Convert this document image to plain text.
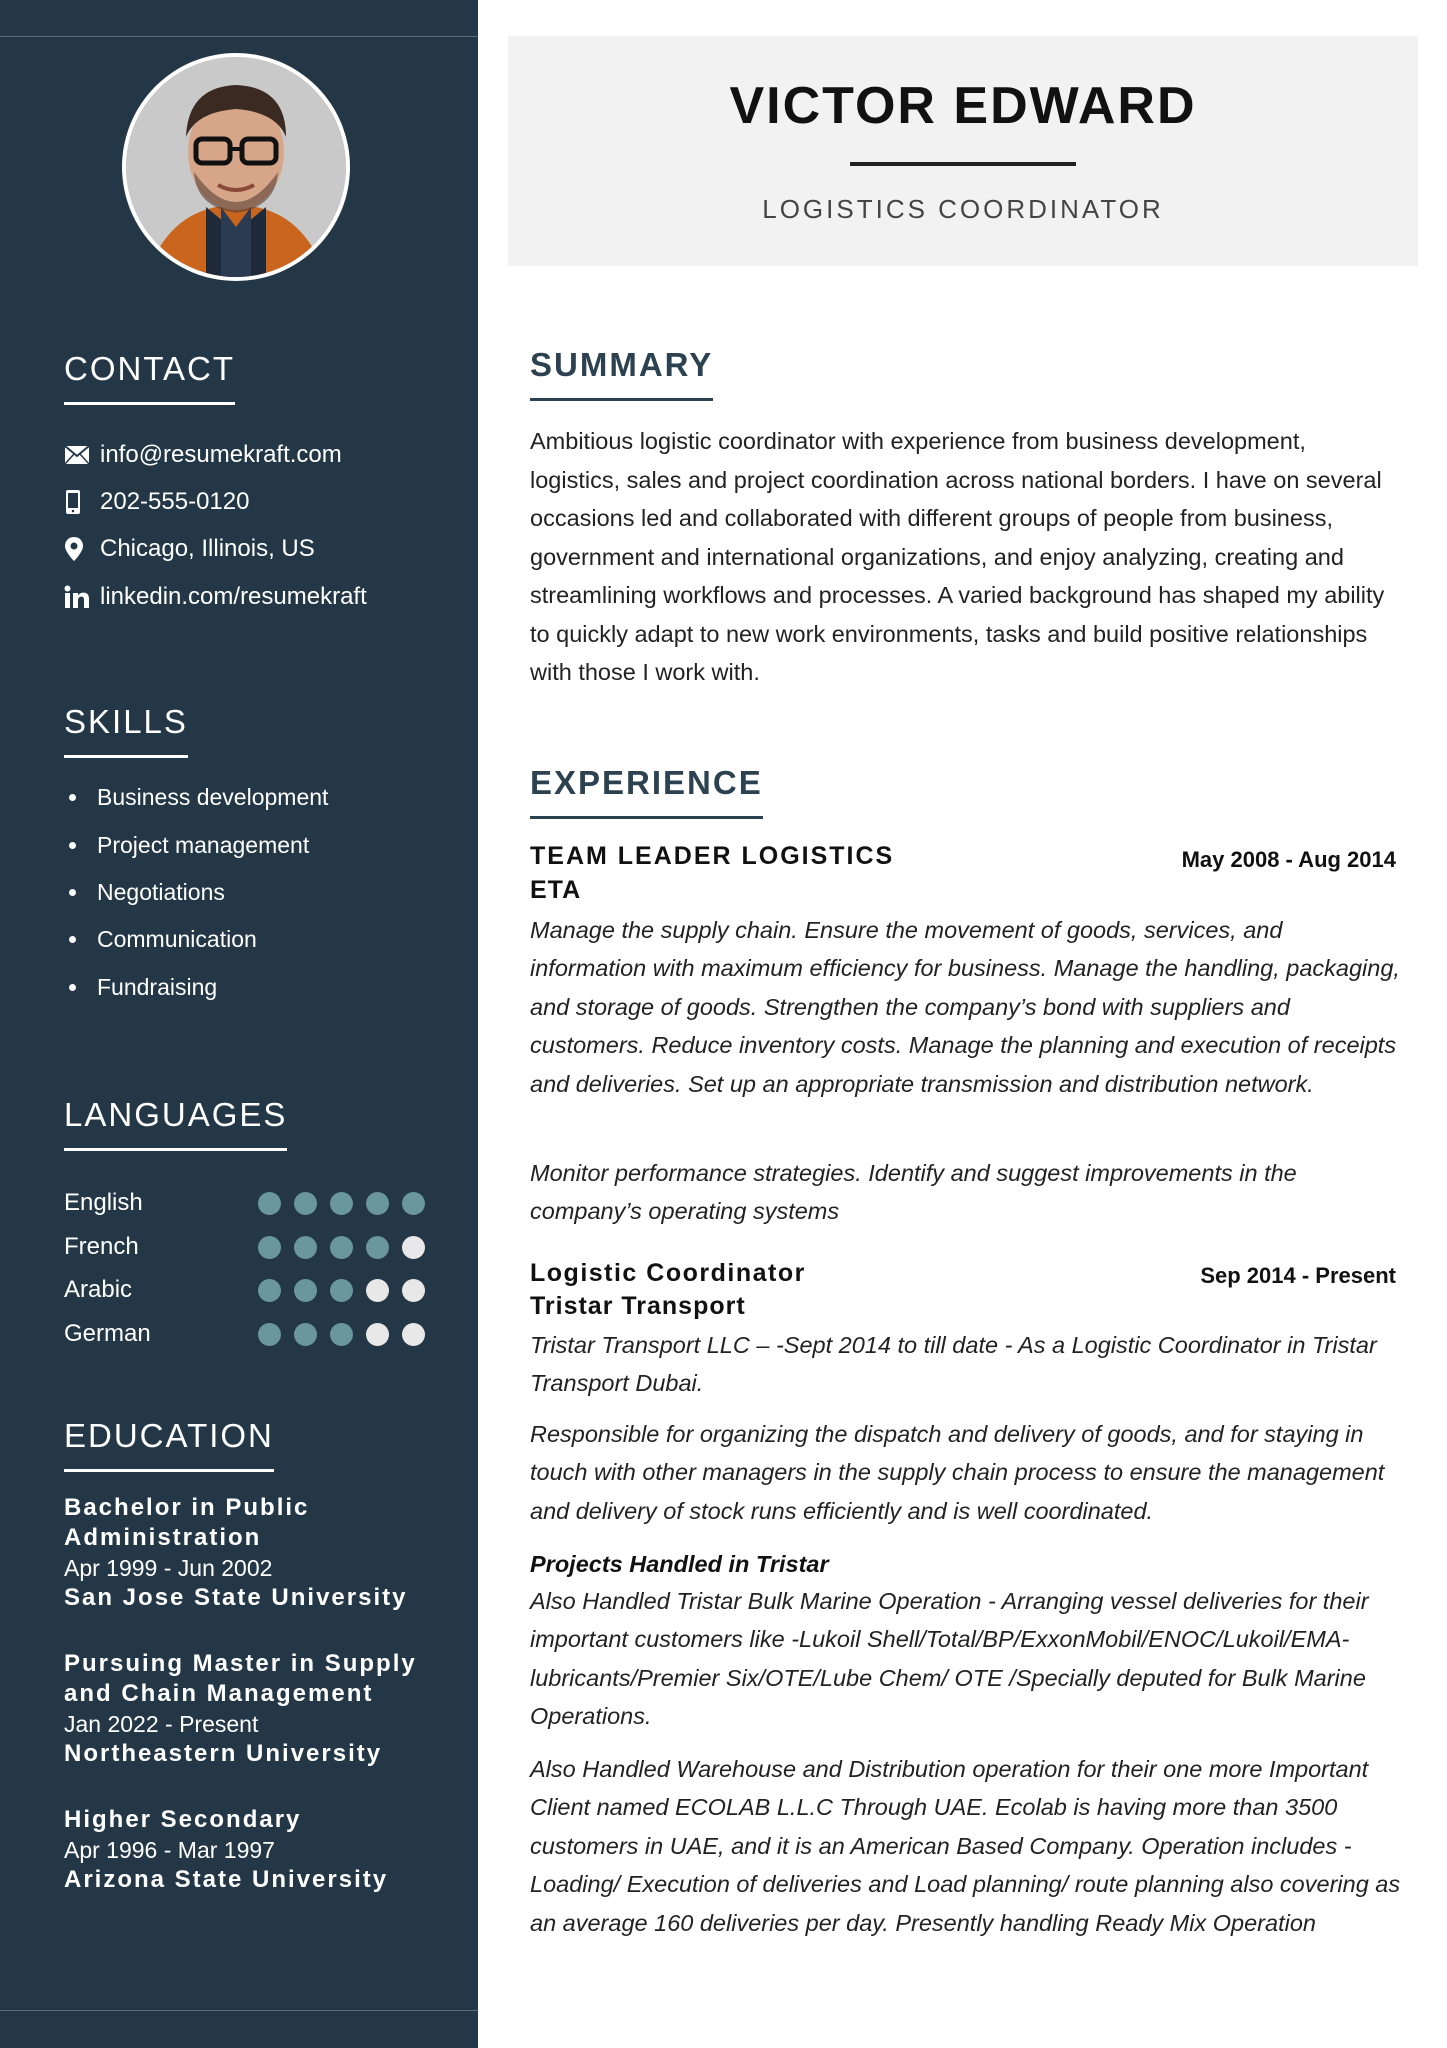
CONTACT
info@resumekraft.com
202-555-0120
Chicago, Illinois, US
linkedin.com/resumekraft
SKILLS
Business development
Project management
Negotiations
Communication
Fundraising
LANGUAGES
English
French
Arabic
German
EDUCATION
Bachelor in Public
Administration
Apr 1999 - Jun 2002
San Jose State University
Pursuing Master in Supply
and Chain Management
Jan 2022 - Present
Northeastern University
Higher Secondary
Apr 1996 - Mar 1997
Arizona State University
VICTOR EDWARD
LOGISTICS COORDINATOR
SUMMARY

Ambitious logistic coordinator with experience from business development, logistics, sales and project coordination across national borders. I have on several occasions led and collaborated with different groups of people from business, government and international organizations, and enjoy analyzing, creating and streamlining workflows and processes. A varied background has shaped my ability to quickly adapt to new work environments, tasks and build positive relationships with those I work with.

EXPERIENCE
TEAM LEADER LOGISTICS	May 2008 - Aug 2014
ETA

Manage the supply chain. Ensure the movement of goods, services, and information with maximum efficiency for business. Manage the handling, packaging, and storage of goods. Strengthen the company’s bond with suppliers and customers. Reduce inventory costs. Manage the planning and execution of receipts and deliveries. Set up an appropriate transmission and distribution network.

Monitor performance strategies. Identify and suggest improvements in the company’s operating systems

Logistic Coordinator	Sep 2014 - Present
Tristar Transport

Tristar Transport LLC – -Sept 2014 to till date - As a Logistic Coordinator in Tristar Transport Dubai.

Responsible for organizing the dispatch and delivery of goods, and for staying in touch with other managers in the supply chain process to ensure the management and delivery of stock runs efficiently and is well coordinated.

Projects Handled in Tristar

Also Handled Tristar Bulk Marine Operation - Arranging vessel deliveries for their important customers like -Lukoil Shell/Total/BP/ExxonMobil/ENOC/Lukoil/EMA-lubricants/Premier Six/OTE/Lube Chem/ OTE /Specially deputed for Bulk Marine Operations.

Also Handled Warehouse and Distribution operation for their one more Important Client named ECOLAB L.L.C Through UAE. Ecolab is having more than 3500 customers in UAE, and it is an American Based Company. Operation includes - Loading/ Execution of deliveries and Load planning/ route planning also covering as an average 160 deliveries per day. Presently handling Ready Mix Operation
